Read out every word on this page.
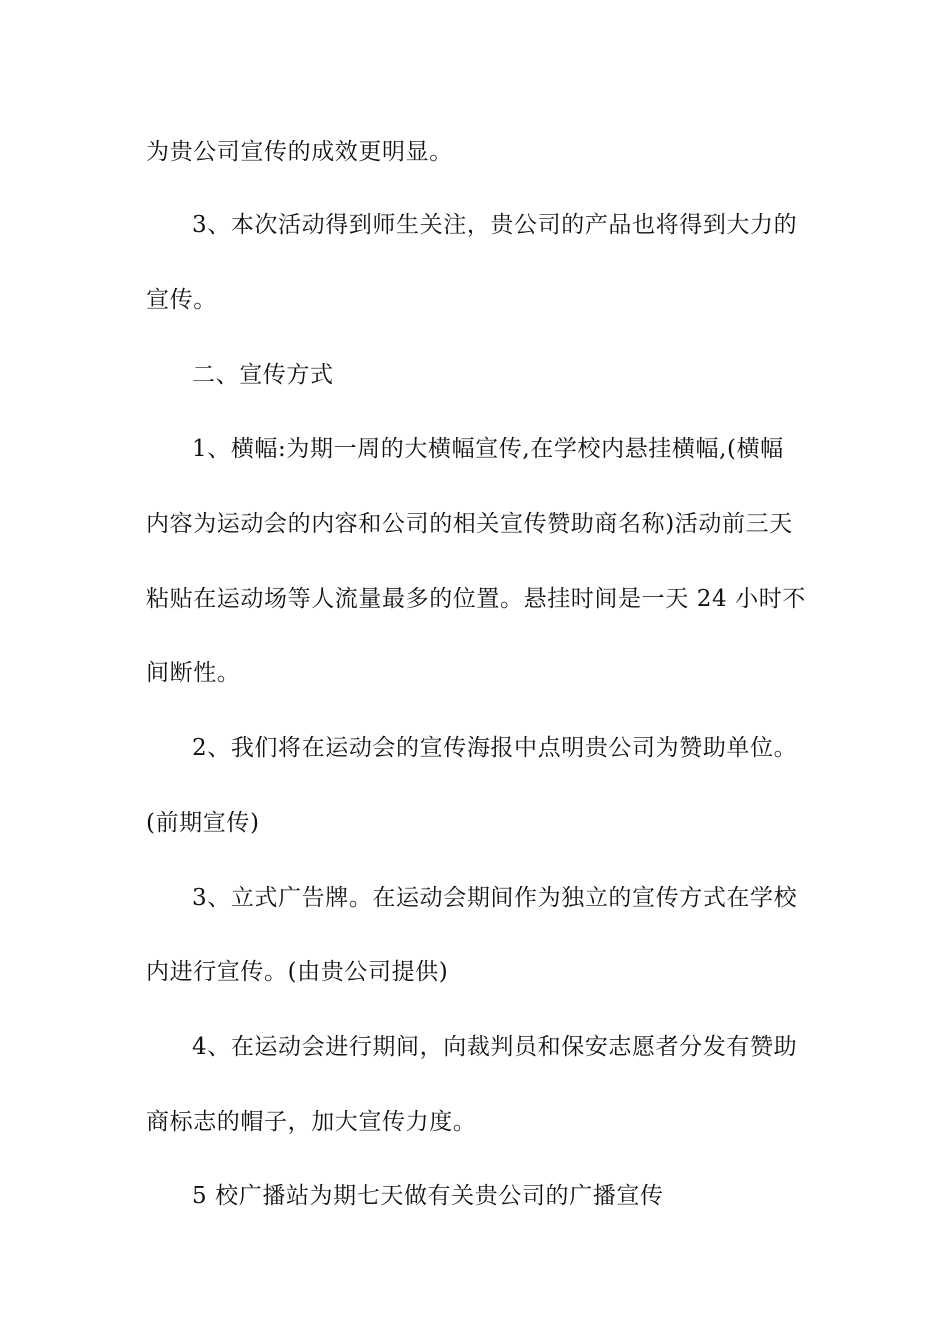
为贵公司宣传的成效更明显。
3、本次活动得到师生关注，贵公司的产品也将得到大力的
宣传。
二、宣传方式
1、横幅:为期一周的大横幅宣传,在学校内悬挂横幅,(横幅
内容为运动会的内容和公司的相关宣传赞助商名称)活动前三天
粘贴在运动场等人流量最多的位置。悬挂时间是一天 24 小时不
间断性。
2、我们将在运动会的宣传海报中点明贵公司为赞助单位。
(前期宣传)
3、立式广告牌。在运动会期间作为独立的宣传方式在学校
内进行宣传。(由贵公司提供)
4、在运动会进行期间，向裁判员和保安志愿者分发有赞助
商标志的帽子，加大宣传力度。
5 校广播站为期七天做有关贵公司的广播宣传
